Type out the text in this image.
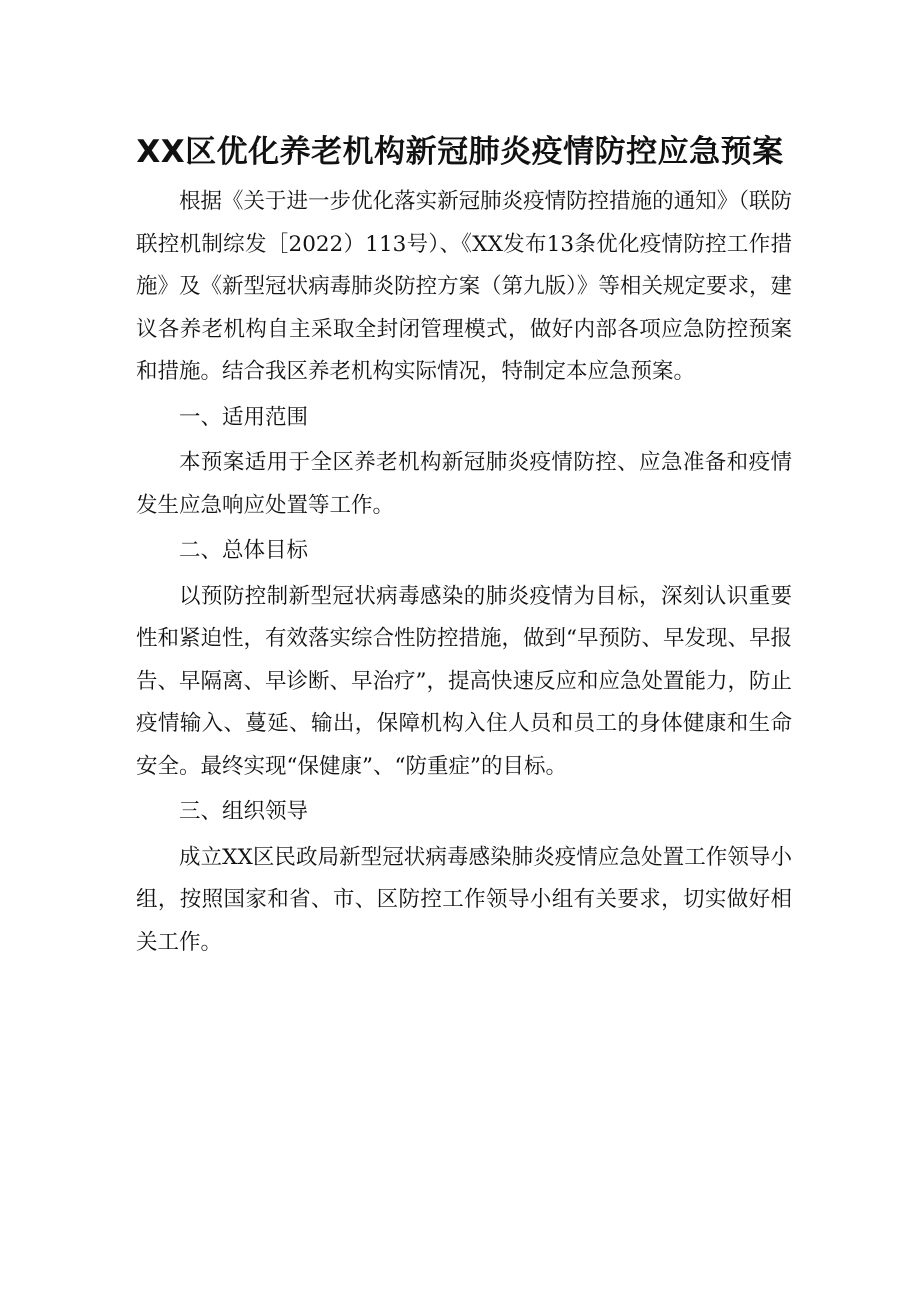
XX区优化养老机构新冠肺炎疫情防控应急预案

根据《关于进一步优化落实新冠肺炎疫情防控措施的通知》（联防联控机制综发［2022）113号）、《XX发布13条优化疫情防控工作措施》及《新型冠状病毒肺炎防控方案（第九版）》等相关规定要求，建议各养老机构自主采取全封闭管理模式，做好内部各项应急防控预案和措施。结合我区养老机构实际情况，特制定本应急预案。

一、适用范围

本预案适用于全区养老机构新冠肺炎疫情防控、应急准备和疫情发生应急响应处置等工作。

二、总体目标

以预防控制新型冠状病毒感染的肺炎疫情为目标，深刻认识重要性和紧迫性，有效落实综合性防控措施，做到“早预防、早发现、早报告、早隔离、早诊断、早治疗”，提高快速反应和应急处置能力，防止疫情输入、蔓延、输出，保障机构入住人员和员工的身体健康和生命安全。最终实现“保健康”、“防重症”的目标。

三、组织领导

成立XX区民政局新型冠状病毒感染肺炎疫情应急处置工作领导小组，按照国家和省、市、区防控工作领导小组有关要求，切实做好相关工作。
